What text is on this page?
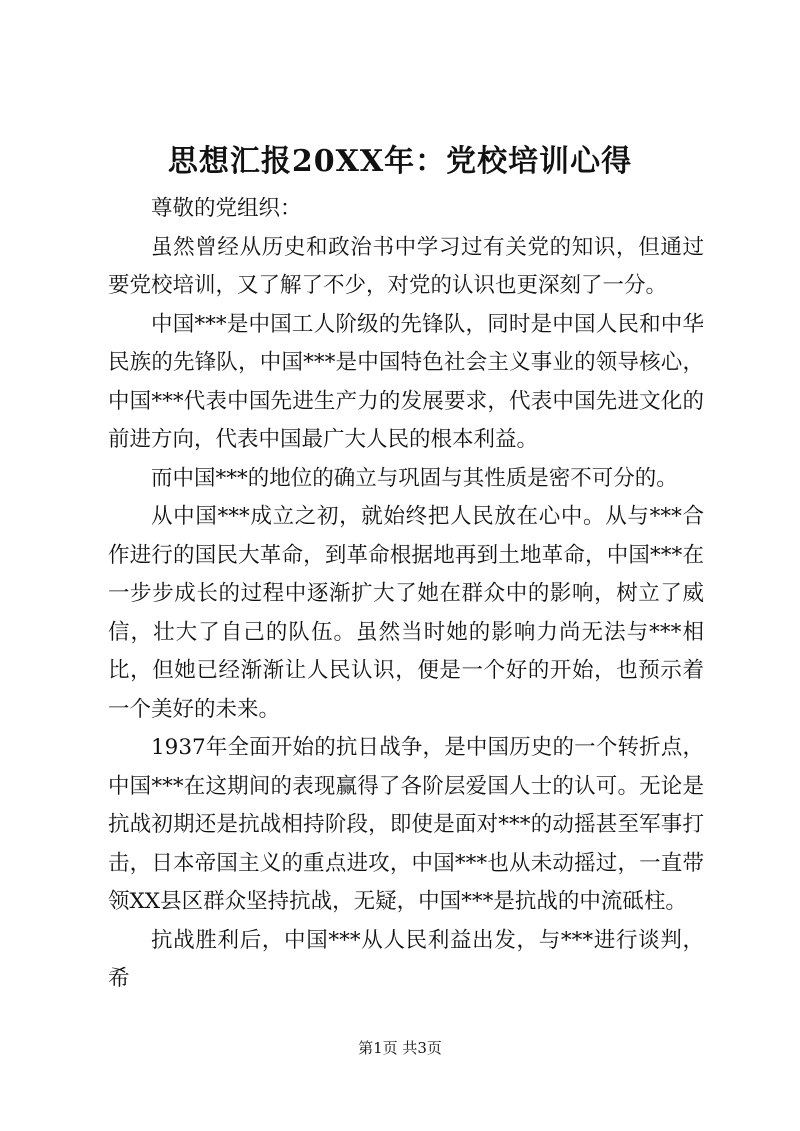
思想汇报20XX年：党校培训心得

尊敬的党组织：

虽然曾经从历史和政治书中学习过有关党的知识，但通过要党校培训，又了解了不少，对党的认识也更深刻了一分。

中国***是中国工人阶级的先锋队，同时是中国人民和中华民族的先锋队，中国***是中国特色社会主义事业的领导核心，中国***代表中国先进生产力的发展要求，代表中国先进文化的前进方向，代表中国最广大人民的根本利益。

而中国***的地位的确立与巩固与其性质是密不可分的。

从中国***成立之初，就始终把人民放在心中。从与***合作进行的国民大革命，到革命根据地再到土地革命，中国***在一步步成长的过程中逐渐扩大了她在群众中的影响，树立了威信，壮大了自己的队伍。虽然当时她的影响力尚无法与***相比，但她已经渐渐让人民认识，便是一个好的开始，也预示着一个美好的未来。

1937年全面开始的抗日战争，是中国历史的一个转折点，中国***在这期间的表现赢得了各阶层爱国人士的认可。无论是抗战初期还是抗战相持阶段，即使是面对***的动摇甚至军事打击，日本帝国主义的重点进攻，中国***也从未动摇过，一直带领XX县区群众坚持抗战，无疑，中国***是抗战的中流砥柱。

抗战胜利后，中国***从人民利益出发，与***进行谈判，希

第1页 共3页
